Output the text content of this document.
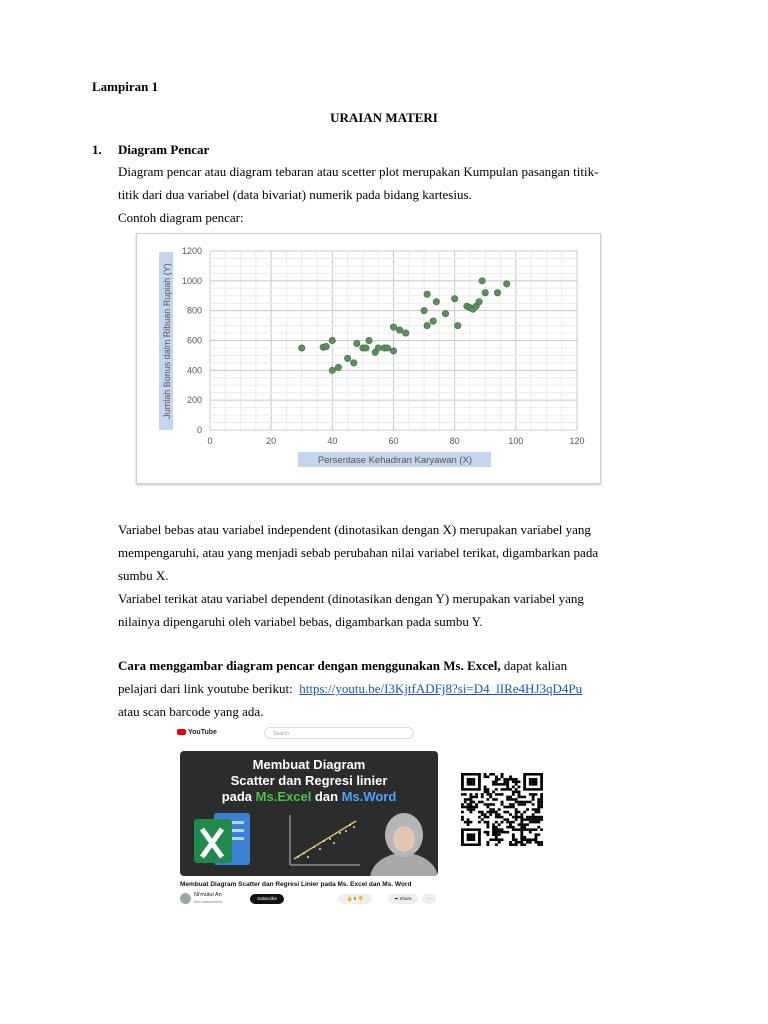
Lampiran 1
URAIAN MATERI
1. Diagram Pencar
Diagram pencar atau diagram tebaran atau scetter plot merupakan Kumpulan pasangan titik-
titik dari dua variabel (data bivariat) numerik pada bidang kartesius.
Contoh diagram pencar:
0
200
400
600
800
1000
1200
0	20	40	60	80	100	120
Jumlah Bonus dalm Ribuan Rupiah (Y)
Persentase Kehadiran Karyawan (X)
Variabel bebas atau variabel independent (dinotasikan dengan X) merupakan variabel yang
mempengaruhi, atau yang menjadi sebab perubahan nilai variabel terikat, digambarkan pada
sumbu X.
Variabel terikat atau variabel dependent (dinotasikan dengan Y) merupakan variabel yang
nilainya dipengaruhi oleh variabel bebas, digambarkan pada sumbu Y.
Cara menggambar diagram pencar dengan menggunakan Ms. Excel, dapat kalian
pelajari dari link youtube berikut: https://youtu.be/I3KjtfADFj8?si=D4_lIRe4HJ3qD4Pu
atau scan barcode yang ada.
YouTube	Search
Membuat Diagram
Scatter dan Regresi linier
pada Ms.Excel dan Ms.Word
Membuat Diagram Scatter dan Regresi Linier pada Ms. Excel dan Ms. Word
Ni'mutul An
364 subscribers
Subscribe	👍 0 👎	➦ Share	···
